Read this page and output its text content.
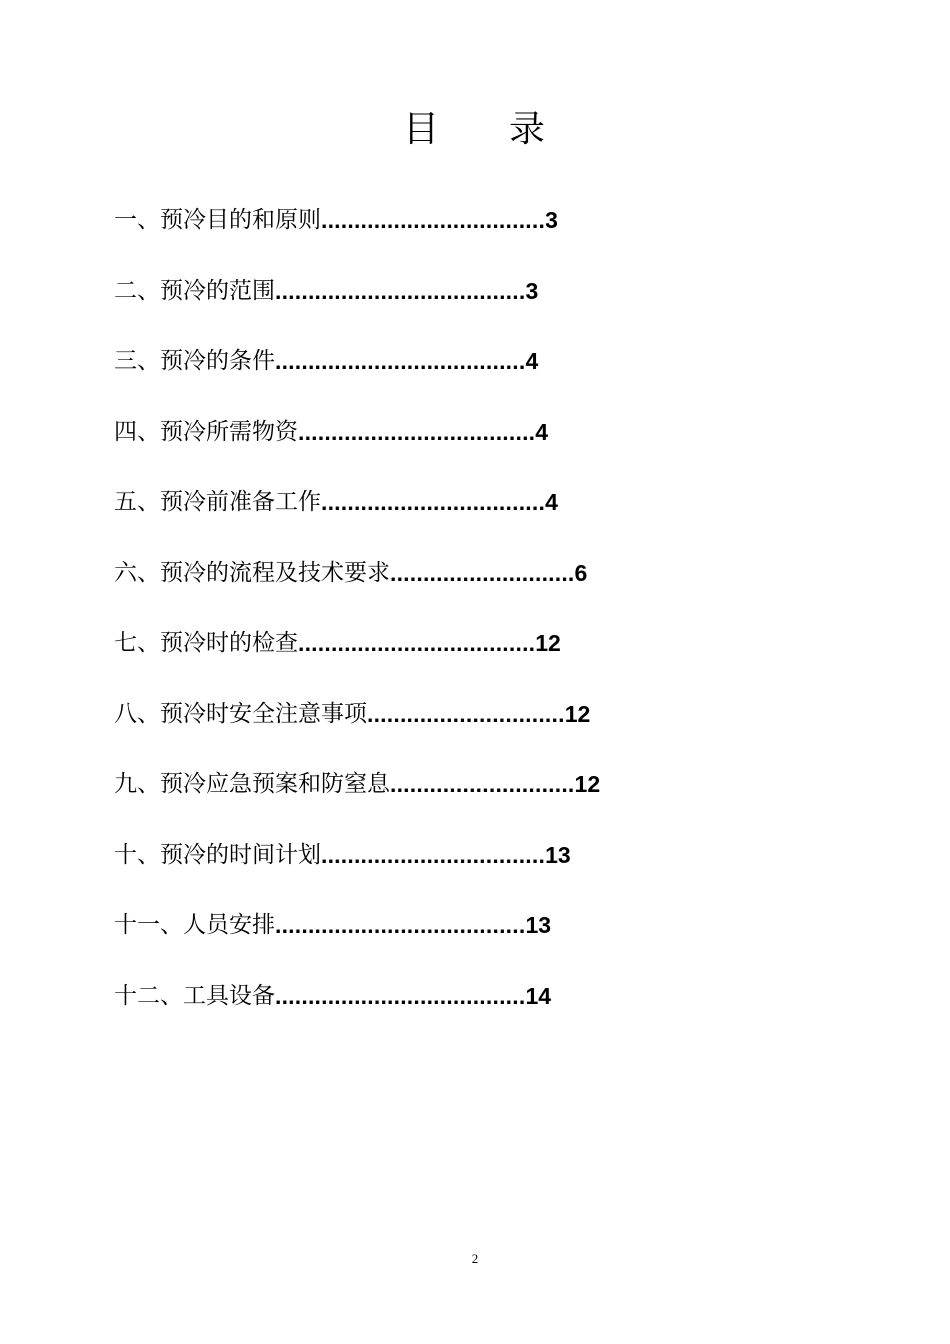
目 录
一、预冷目的和原则 .................................. 3
二、预冷的范围 ...................................... 3
三、预冷的条件 ...................................... 4
四、预冷所需物资 .................................... 4
五、预冷前准备工作 .................................. 4
六、预冷的流程及技术要求 ............................ 6
七、预冷时的检查 .................................... 12
八、预冷时安全注意事项 .............................. 12
九、预冷应急预案和防窒息 ............................ 12
十、预冷的时间计划 .................................. 13
十一、人员安排 ...................................... 13
十二、工具设备 ...................................... 14
2
